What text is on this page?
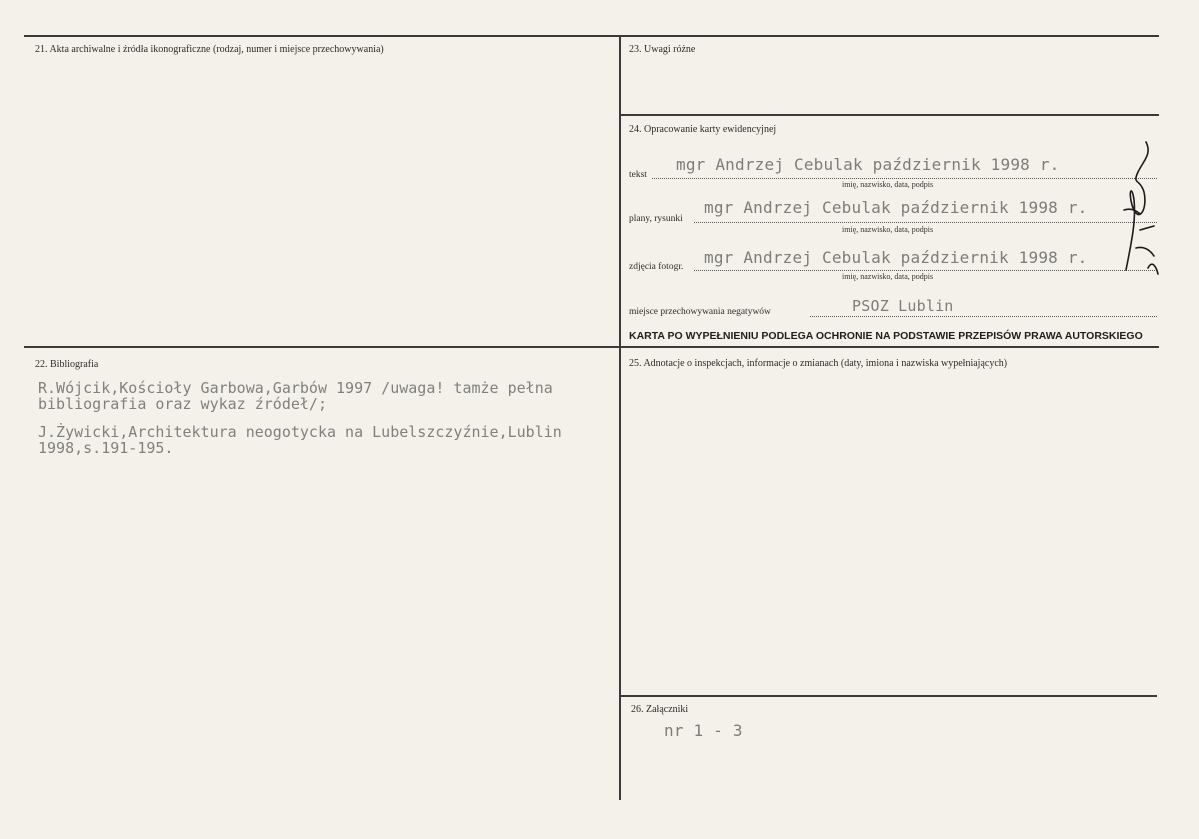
21. Akta archiwalne i źródła ikonograficzne (rodzaj, numer i miejsce przechowywania)	23. Uwagi różne
24. Opracowanie karty ewidencyjnej
tekst
mgr Andrzej Cebulak październik 1998 r.
imię, nazwisko, data, podpis
plany, rysunki
mgr Andrzej Cebulak październik 1998 r.
imię, nazwisko, data, podpis
zdjęcia fotogr. mgr Andrzej Cebulak październik 1998 r.
imię, nazwisko, data, podpis
miejsce przechowywania negatywów	PSOZ Lublin
KARTA PO WYPEŁNIENIU PODLEGA OCHRONIE NA PODSTAWIE PRZEPISÓW PRAWA AUTORSKIEGO
22. Bibliografia
R.Wójcik,Kościoły Garbowa,Garbów 1997 /uwaga! tamże pełna
bibliografia oraz wykaz źródeł/;
J.Żywicki,Architektura neogotycka na Lubelszczyźnie,Lublin
1998,s.191-195.
25. Adnotacje o inspekcjach, informacje o zmianach (daty, imiona i nazwiska wypełniających)
26. Załączniki
nr 1 - 3
